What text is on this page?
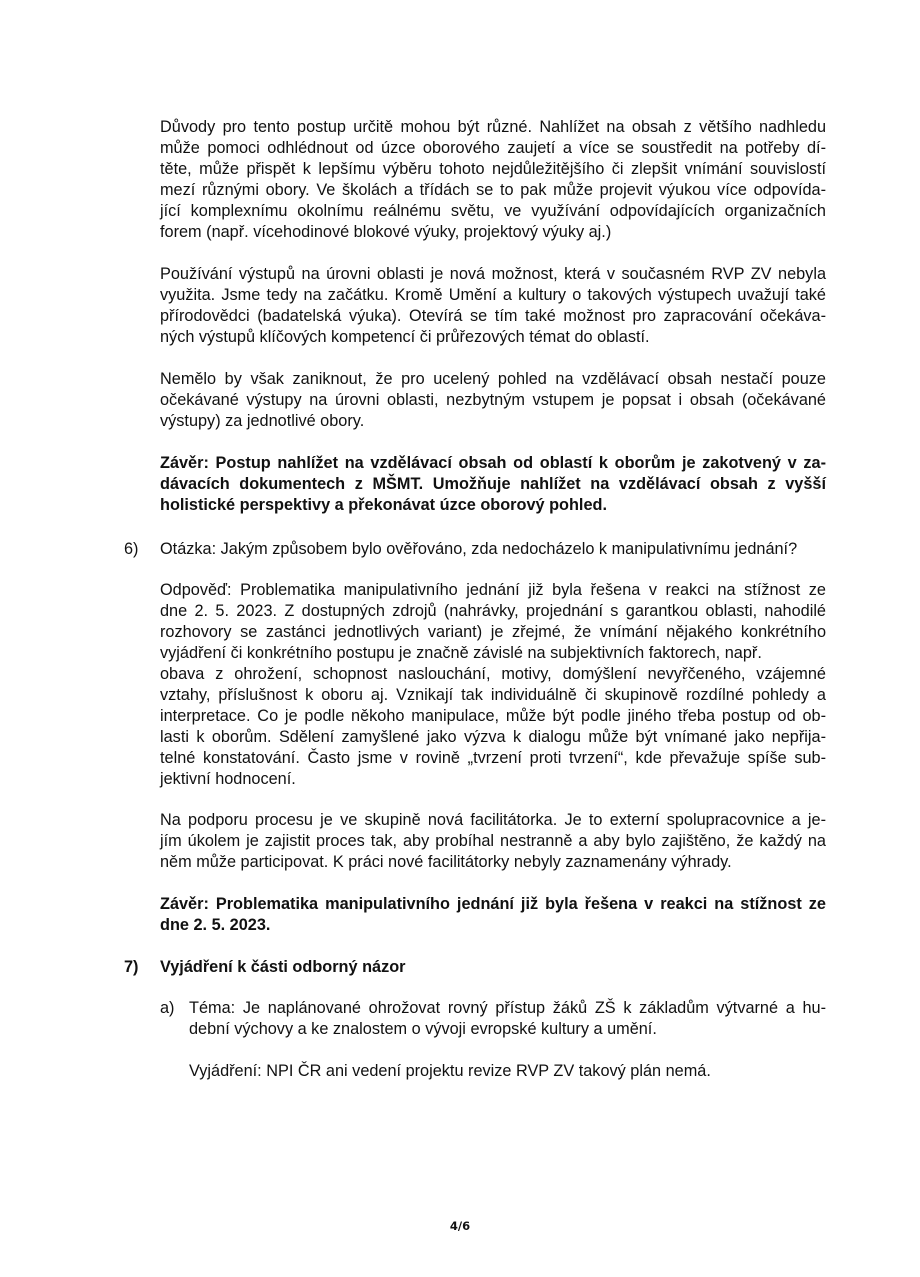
Důvody pro tento postup určitě mohou být různé. Nahlížet na obsah z většího nadhledu
může pomoci odhlédnout od úzce oborového zaujetí a více se soustředit na potřeby dí-
těte, může přispět k lepšímu výběru tohoto nejdůležitějšího či zlepšit vnímání souvislostí
mezí různými obory. Ve školách a třídách se to pak může projevit výukou více odpovída-
jící komplexnímu okolnímu reálnému světu, ve využívání odpovídajících organizačních
forem (např. vícehodinové blokové výuky, projektový výuky aj.)
Používání výstupů na úrovni oblasti je nová možnost, která v současném RVP ZV nebyla
využita. Jsme tedy na začátku. Kromě Umění a kultury o takových výstupech uvažují také
přírodovědci (badatelská výuka). Otevírá se tím také možnost pro zapracování očekáva-
ných výstupů klíčových kompetencí či průřezových témat do oblastí.
Nemělo by však zaniknout, že pro ucelený pohled na vzdělávací obsah nestačí pouze
očekávané výstupy na úrovni oblasti, nezbytným vstupem je popsat i obsah (očekávané
výstupy) za jednotlivé obory.
Závěr: Postup nahlížet na vzdělávací obsah od oblastí k oborům je zakotvený v za-
dávacích dokumentech z MŠMT. Umožňuje nahlížet na vzdělávací obsah z vyšší
holistické perspektivy a překonávat úzce oborový pohled.
6) Otázka: Jakým způsobem bylo ověřováno, zda nedocházelo k manipulativnímu jednání?
Odpověď: Problematika manipulativního jednání již byla řešena v reakci na stížnost ze
dne 2. 5. 2023. Z dostupných zdrojů (nahrávky, projednání s garantkou oblasti, nahodilé
rozhovory se zastánci jednotlivých variant) je zřejmé, že vnímání nějakého konkrétního
vyjádření či konkrétního postupu je značně závislé na subjektivních faktorech, např.
obava z ohrožení, schopnost naslouchání, motivy, domýšlení nevyřčeného, vzájemné
vztahy, příslušnost k oboru aj. Vznikají tak individuálně či skupinově rozdílné pohledy a
interpretace. Co je podle někoho manipulace, může být podle jiného třeba postup od ob-
lasti k oborům. Sdělení zamyšlené jako výzva k dialogu může být vnímané jako nepřija-
telné konstatování. Často jsme v rovině „tvrzení proti tvrzení“, kde převažuje spíše sub-
jektivní hodnocení.
Na podporu procesu je ve skupině nová facilitátorka. Je to externí spolupracovnice a je-
jím úkolem je zajistit proces tak, aby probíhal nestranně a aby bylo zajištěno, že každý na
něm může participovat. K práci nové facilitátorky nebyly zaznamenány výhrady.
Závěr: Problematika manipulativního jednání již byla řešena v reakci na stížnost ze
dne 2. 5. 2023.
7) Vyjádření k části odborný názor
a) Téma: Je naplánované ohrožovat rovný přístup žáků ZŠ k základům výtvarné a hu-
dební výchovy a ke znalostem o vývoji evropské kultury a umění.
Vyjádření: NPI ČR ani vedení projektu revize RVP ZV takový plán nemá.
4/6
